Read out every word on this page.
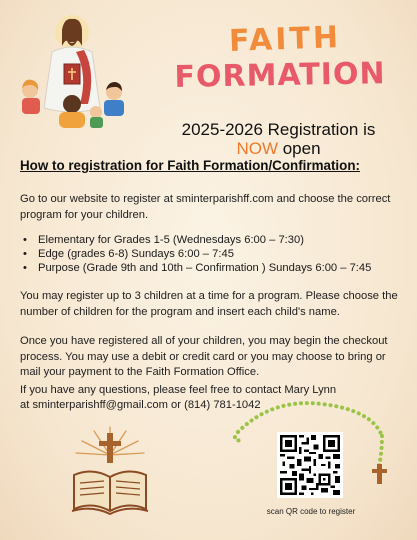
FAITH
FORMATION
2025-2026 Registration is
NOW open
How to registration for Faith Formation/Confirmation:

Go to our website to register at sminterparishff.com and choose the correct program for your children.

• Elementary for Grades 1-5 (Wednesdays 6:00 – 7:30)
• Edge (grades 6-8) Sundays 6:00 – 7:45
• Purpose (Grade 9th and 10th – Confirmation ) Sundays 6:00 – 7:45

You may register up to 3 children at a time for a program. Please choose the number of children for the program and insert each child's name.

Once you have registered all of your children, you may begin the checkout process. You may use a debit or credit card or you may choose to bring or mail your payment to the Faith Formation Office.

If you have any questions, please feel free to contact Mary Lynn

at sminterparishff@gmail.com or (814) 781-1042

scan QR code to register
